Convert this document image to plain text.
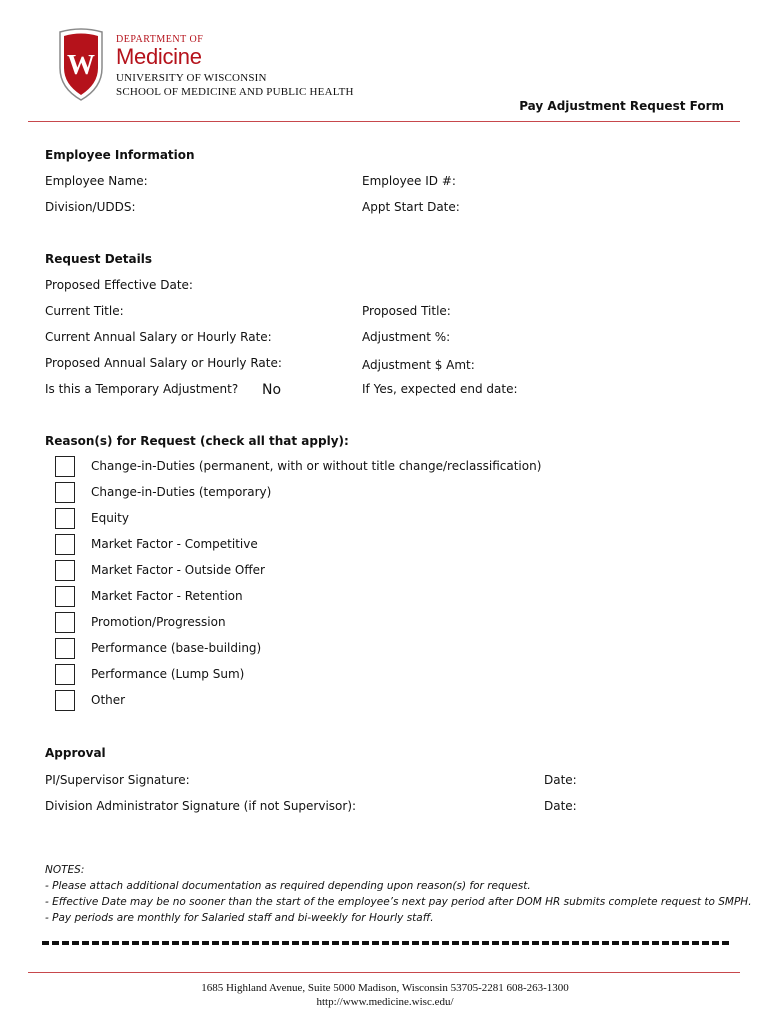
W
DEPARTMENT OF
Medicine
UNIVERSITY OF WISCONSIN
SCHOOL OF MEDICINE AND PUBLIC HEALTH
Pay Adjustment Request Form
Employee Information
Employee Name:	Employee ID #:
Division/UDDS:	Appt Start Date:
Request Details
Proposed Effective Date:
Current Title:	Proposed Title:
Current Annual Salary or Hourly Rate:	Adjustment %:
Proposed Annual Salary or Hourly Rate:	Adjustment $ Amt:
Is this a Temporary Adjustment? No	If Yes, expected end date:
Reason(s) for Request (check all that apply):
Change-in-Duties (permanent, with or without title change/reclassification)
Change-in-Duties (temporary)
Equity
Market Factor - Competitive
Market Factor - Outside Offer
Market Factor - Retention
Promotion/Progression
Performance (base-building)
Performance (Lump Sum)
Other
Approval
PI/Supervisor Signature:	Date:
Division Administrator Signature (if not Supervisor):	Date:
NOTES:
- Please attach additional documentation as required depending upon reason(s) for request.
- Effective Date may be no sooner than the start of the employee’s next pay period after DOM HR submits complete request to SMPH.
- Pay periods are monthly for Salaried staff and bi-weekly for Hourly staff.
1685 Highland Avenue, Suite 5000 Madison, Wisconsin 53705-2281 608-263-1300
http://www.medicine.wisc.edu/
